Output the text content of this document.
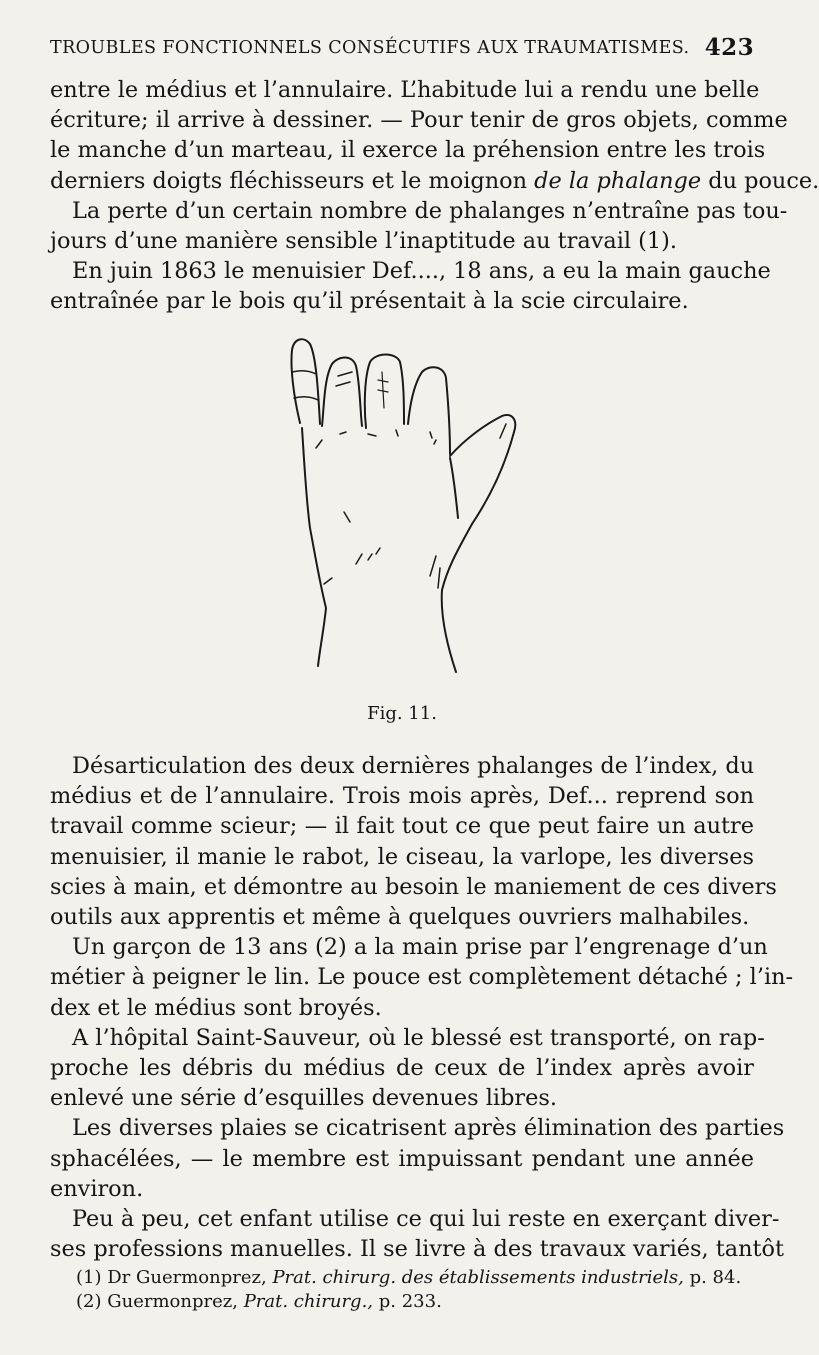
TROUBLES FONCTIONNELS CONSÉCUTIFS AUX TRAUMATISMES. 423
entre le médius et l’annulaire. L’habitude lui a rendu une belle
écriture; il arrive à dessiner. — Pour tenir de gros objets, comme
le manche d’un marteau, il exerce la préhension entre les trois
derniers doigts fléchisseurs et le moignon de la phalange du pouce.
La perte d’un certain nombre de phalanges n’entraîne pas tou-
jours d’une manière sensible l’inaptitude au travail (1).
En juin 1863 le menuisier Def...., 18 ans, a eu la main gauche
entraînée par le bois qu’il présentait à la scie circulaire.
Fig. 11.
Désarticulation des deux dernières phalanges de l’index, du
médius et de l’annulaire. Trois mois après, Def... reprend son
travail comme scieur; — il fait tout ce que peut faire un autre
menuisier, il manie le rabot, le ciseau, la varlope, les diverses
scies à main, et démontre au besoin le maniement de ces divers
outils aux apprentis et même à quelques ouvriers malhabiles.
Un garçon de 13 ans (2) a la main prise par l’engrenage d’un
métier à peigner le lin. Le pouce est complètement détaché ; l’in-
dex et le médius sont broyés.
A l’hôpital Saint-Sauveur, où le blessé est transporté, on rap-
proche les débris du médius de ceux de l’index après avoir
enlevé une série d’esquilles devenues libres.
Les diverses plaies se cicatrisent après élimination des parties
sphacélées, — le membre est impuissant pendant une année
environ.
Peu à peu, cet enfant utilise ce qui lui reste en exerçant diver-
ses professions manuelles. Il se livre à des travaux variés, tantôt
(1) Dr Guermonprez, Prat. chirurg. des établissements industriels, p. 84.
(2) Guermonprez, Prat. chirurg., p. 233.
